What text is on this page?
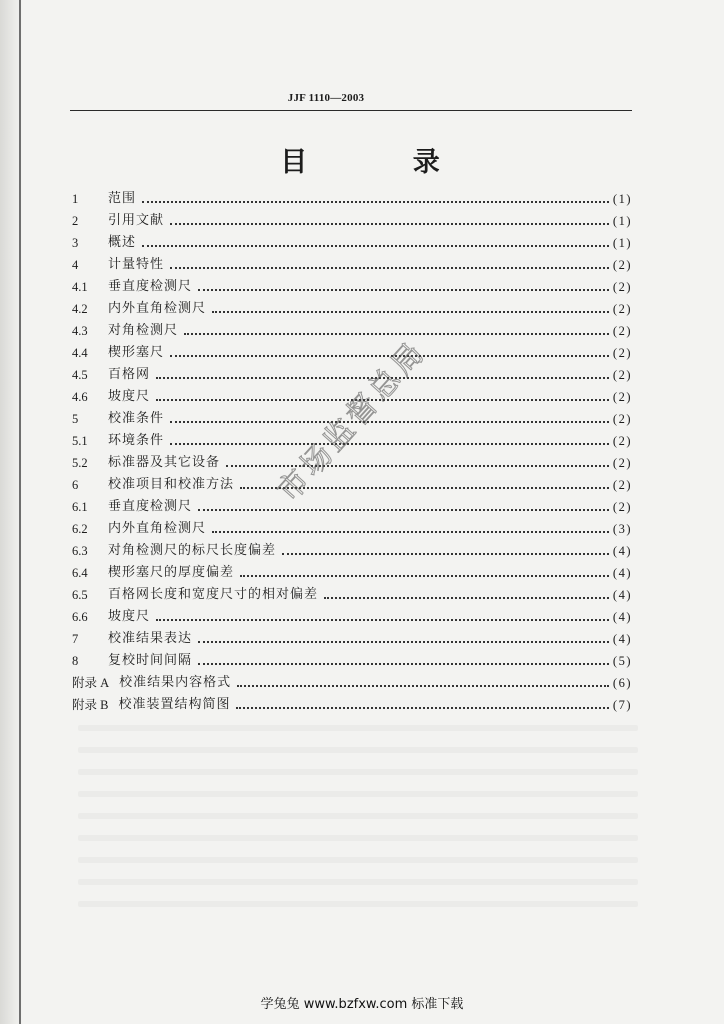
JJF 1110—2003
目 录
1	范围	(1)
2	引用文献	(1)
3	概述	(1)
4	计量特性	(2)
4.1	垂直度检测尺	(2)
4.2	内外直角检测尺	(2)
4.3	对角检测尺	(2)
4.4	楔形塞尺	(2)
4.5	百格网	(2)
4.6	坡度尺	(2)
5	校准条件	(2)
5.1	环境条件	(2)
5.2	标准器及其它设备	(2)
6	校准项目和校准方法	(2)
6.1	垂直度检测尺	(2)
6.2	内外直角检测尺	(3)
6.3	对角检测尺的标尺长度偏差	(4)
6.4	楔形塞尺的厚度偏差	(4)
6.5	百格网长度和宽度尺寸的相对偏差	(4)
6.6	坡度尺	(4)
7	校准结果表达	(4)
8	复校时间间隔	(5)
附录 A 校准结果内容格式	(6)
附录 B 校准装置结构简图	(7)
市场监督总局
学兔兔 www.bzfxw.com 标准下载
